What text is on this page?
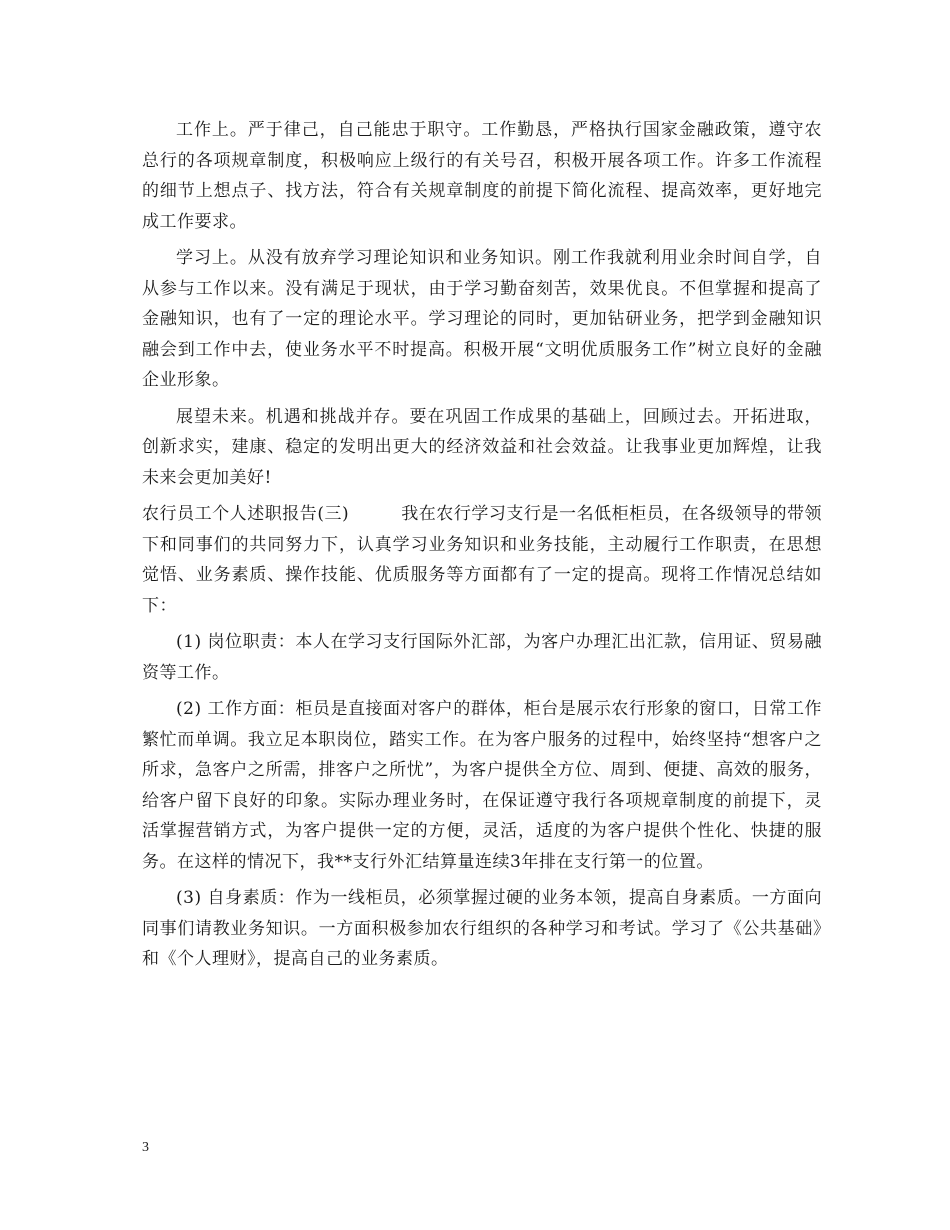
工作上。严于律己，自己能忠于职守。工作勤恳，严格执行国家金融政策，遵守农总行的各项规章制度，积极响应上级行的有关号召，积极开展各项工作。许多工作流程的细节上想点子、找方法，符合有关规章制度的前提下简化流程、提高效率，更好地完成工作要求。

学习上。从没有放弃学习理论知识和业务知识。刚工作我就利用业余时间自学，自从参与工作以来。没有满足于现状，由于学习勤奋刻苦，效果优良。不但掌握和提高了金融知识，也有了一定的理论水平。学习理论的同时，更加钻研业务，把学到金融知识融会到工作中去，使业务水平不时提高。积极开展“文明优质服务工作”树立良好的金融企业形象。

展望未来。机遇和挑战并存。要在巩固工作成果的基础上，回顾过去。开拓进取，创新求实，建康、稳定的发明出更大的经济效益和社会效益。让我事业更加辉煌，让我未来会更加美好!

农行员工个人述职报告(三)	我在农行学习支行是一名低柜柜员，在各级领导的带领下和同事们的共同努力下，认真学习业务知识和业务技能，主动履行工作职责，在思想觉悟、业务素质、操作技能、优质服务等方面都有了一定的提高。现将工作情况总结如下：

(1) 岗位职责：本人在学习支行国际外汇部，为客户办理汇出汇款，信用证、贸易融资等工作。

(2) 工作方面：柜员是直接面对客户的群体，柜台是展示农行形象的窗口，日常工作繁忙而单调。我立足本职岗位，踏实工作。在为客户服务的过程中，始终坚持“想客户之所求，急客户之所需，排客户之所忧”，为客户提供全方位、周到、便捷、高效的服务，给客户留下良好的印象。实际办理业务时，在保证遵守我行各项规章制度的前提下，灵活掌握营销方式，为客户提供一定的方便，灵活，适度的为客户提供个性化、快捷的服务。在这样的情况下，我**支行外汇结算量连续3年排在支行第一的位置。

(3) 自身素质：作为一线柜员，必须掌握过硬的业务本领，提高自身素质。一方面向同事们请教业务知识。一方面积极参加农行组织的各种学习和考试。学习了《公共基础》和《个人理财》，提高自己的业务素质。

3
